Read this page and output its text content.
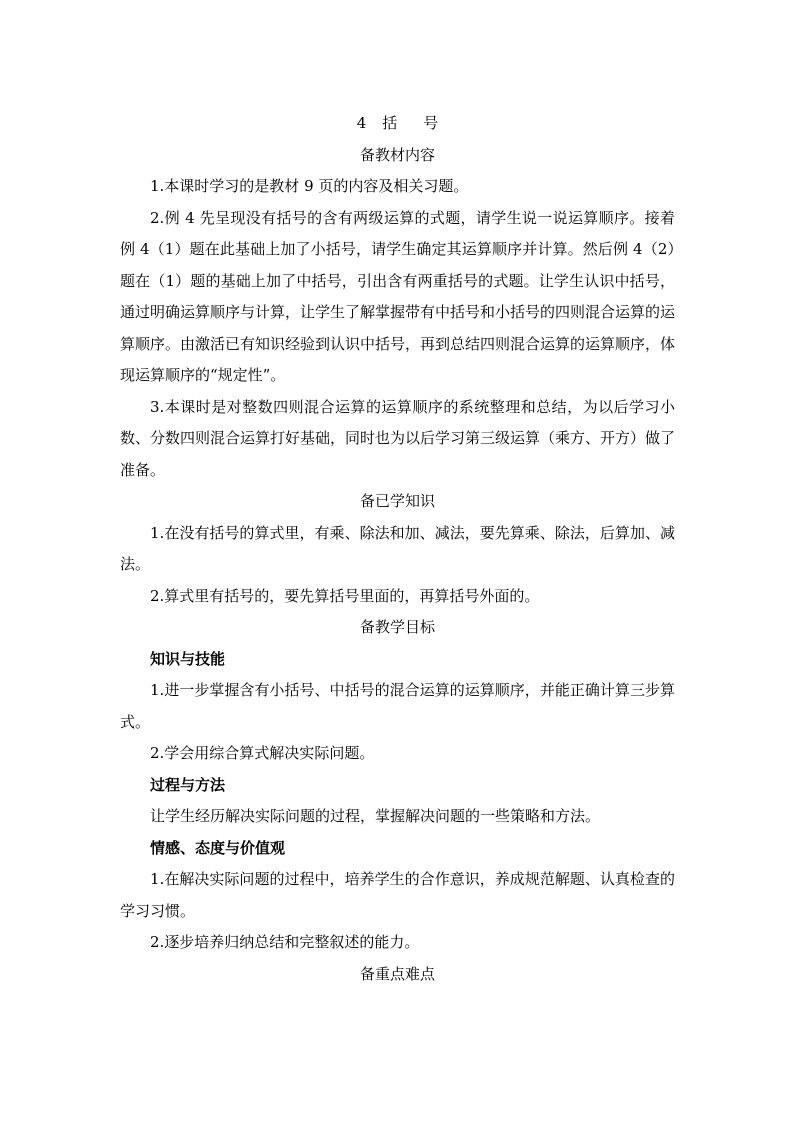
4 括 号

备教材内容

1.本课时学习的是教材 9 页的内容及相关习题。

2.例 4 先呈现没有括号的含有两级运算的式题，请学生说一说运算顺序。接着例 4（1）题在此基础上加了小括号，请学生确定其运算顺序并计算。然后例 4（2）题在（1）题的基础上加了中括号，引出含有两重括号的式题。让学生认识中括号，通过明确运算顺序与计算，让学生了解掌握带有中括号和小括号的四则混合运算的运算顺序。由激活已有知识经验到认识中括号，再到总结四则混合运算的运算顺序，体现运算顺序的“规定性”。

3.本课时是对整数四则混合运算的运算顺序的系统整理和总结，为以后学习小数、分数四则混合运算打好基础，同时也为以后学习第三级运算（乘方、开方）做了准备。

备已学知识

1.在没有括号的算式里，有乘、除法和加、减法，要先算乘、除法，后算加、减法。

2.算式里有括号的，要先算括号里面的，再算括号外面的。

备教学目标

知识与技能

1.进一步掌握含有小括号、中括号的混合运算的运算顺序，并能正确计算三步算式。

2.学会用综合算式解决实际问题。

过程与方法

让学生经历解决实际问题的过程，掌握解决问题的一些策略和方法。

情感、态度与价值观

1.在解决实际问题的过程中，培养学生的合作意识，养成规范解题、认真检查的学习习惯。

2.逐步培养归纳总结和完整叙述的能力。

备重点难点
